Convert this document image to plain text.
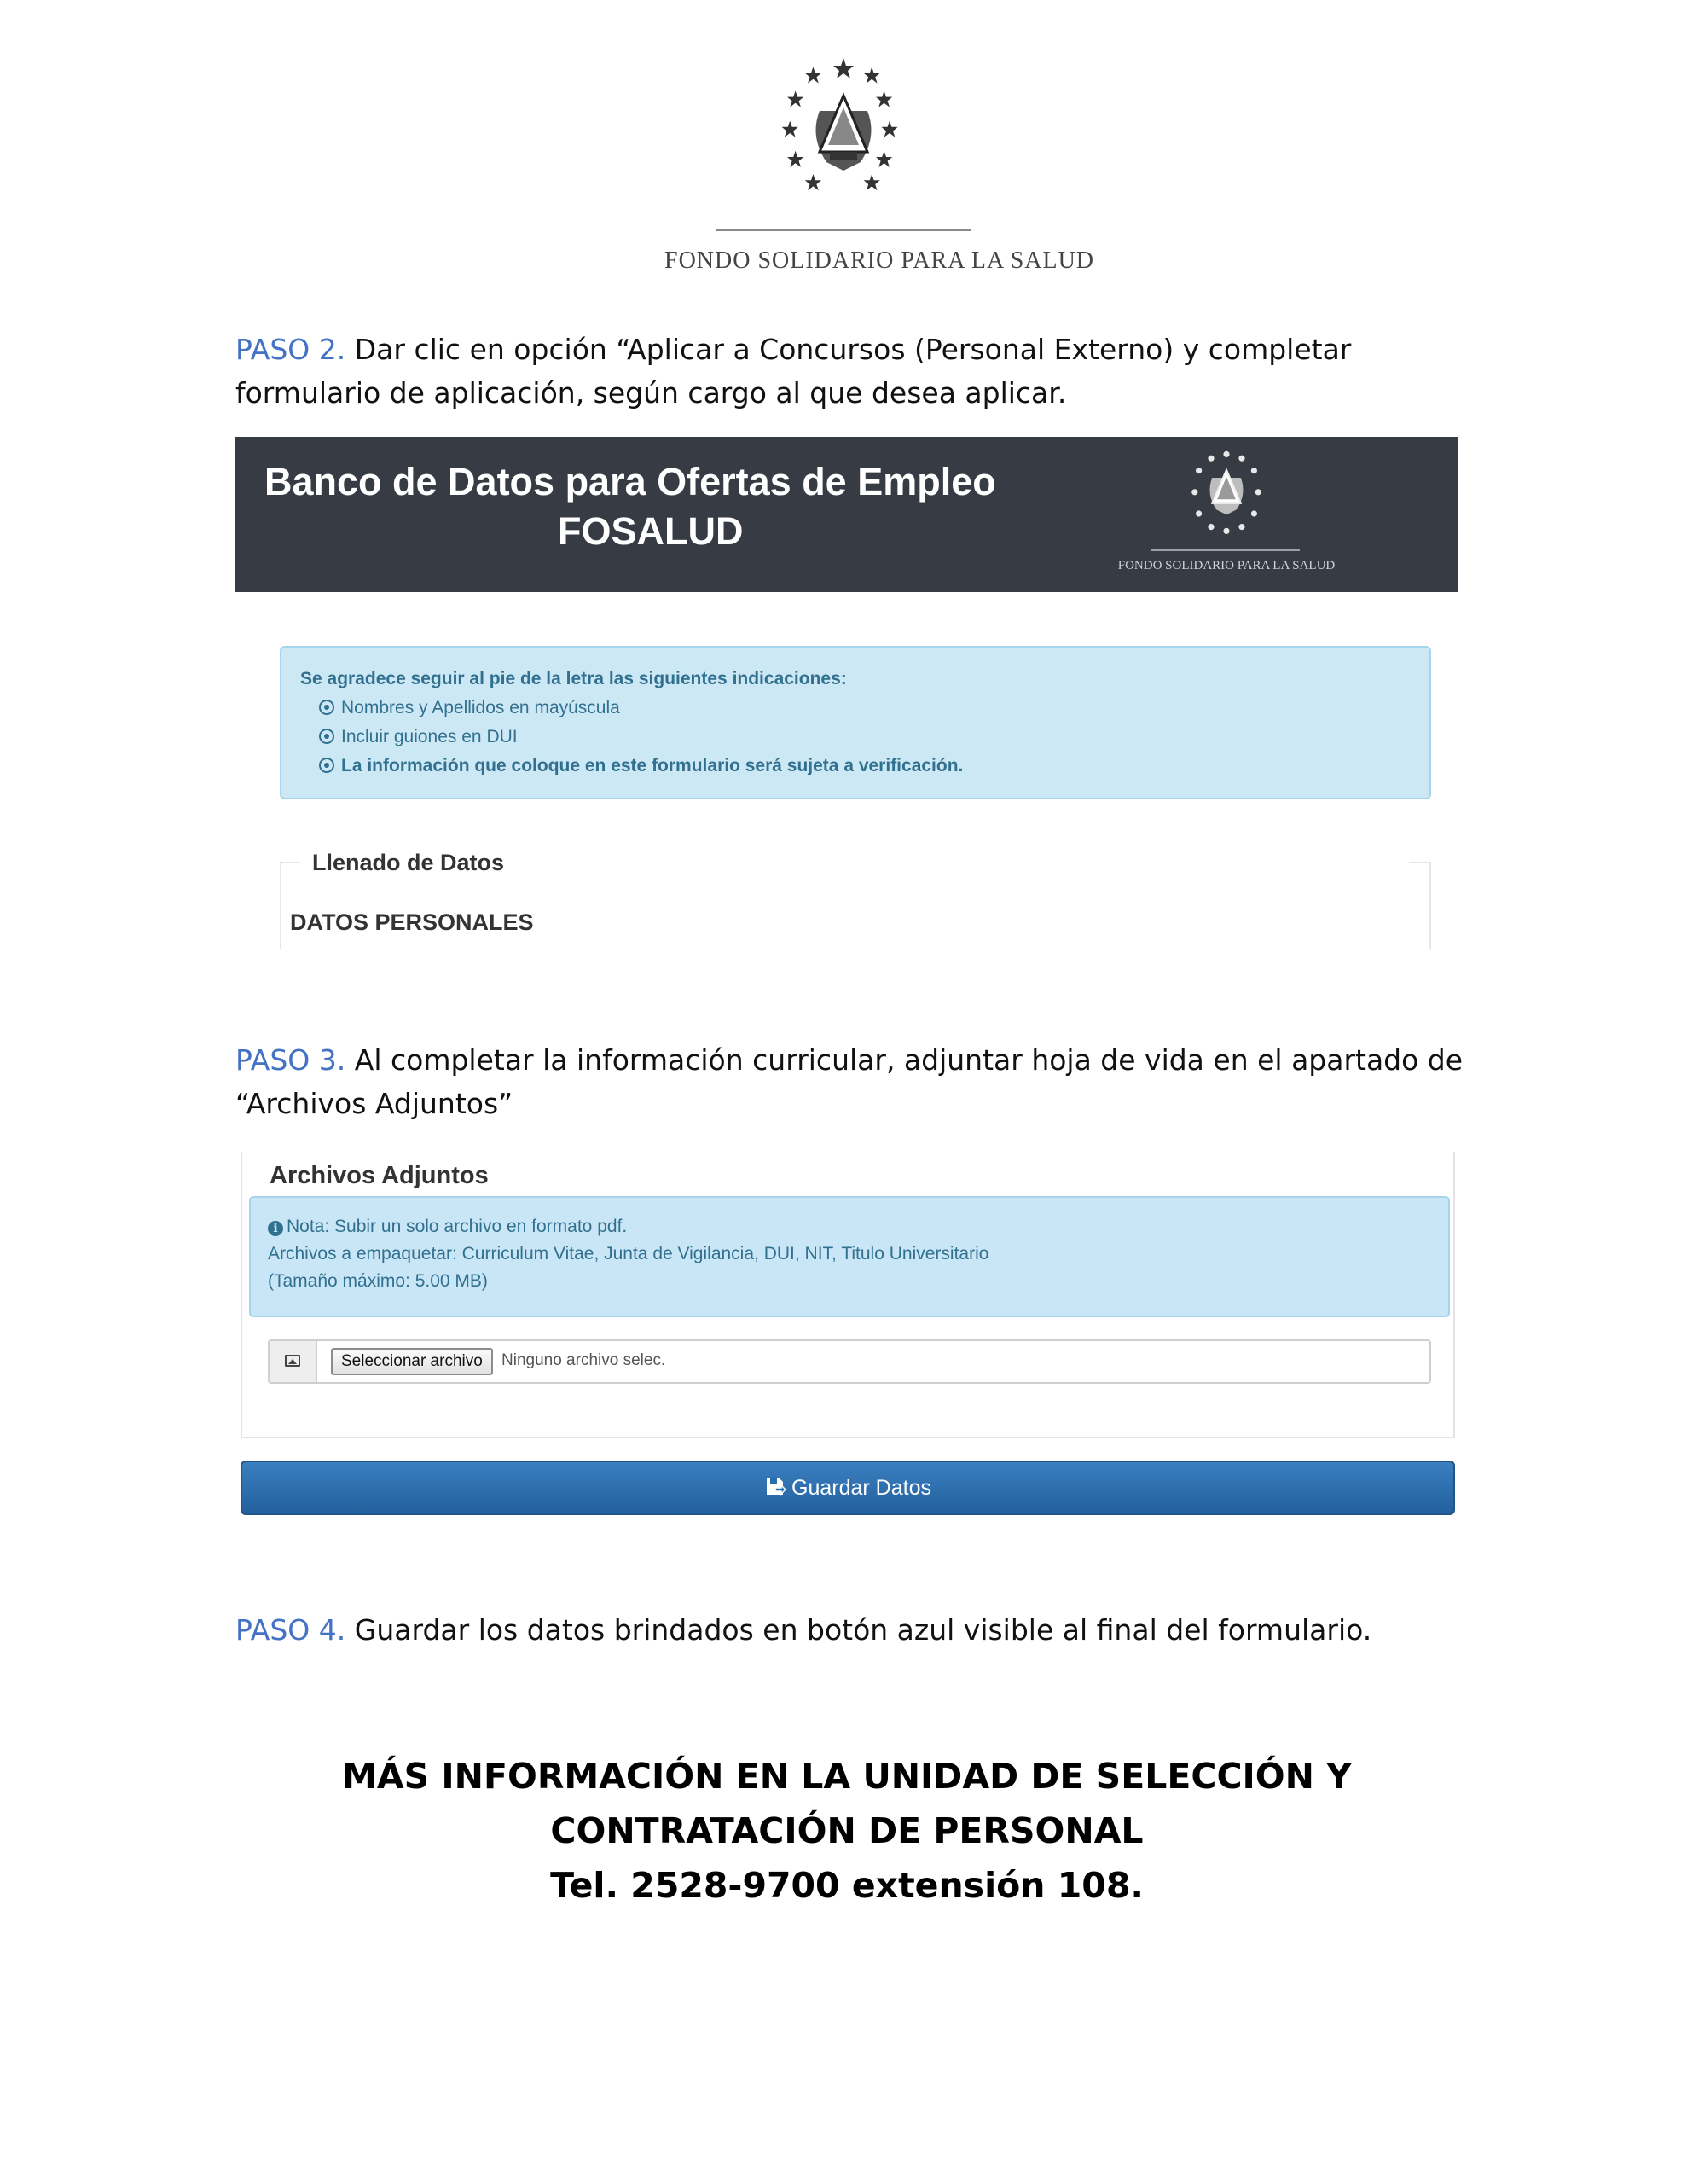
FONDO SOLIDARIO PARA LA SALUD
PASO 2. Dar clic en opción “Aplicar a Concursos (Personal Externo) y completar formulario de aplicación, según cargo al que desea aplicar.
Banco de Datos para Ofertas de Empleo
FOSALUD
FONDO SOLIDARIO PARA LA SALUD
Se agradece seguir al pie de la letra las siguientes indicaciones:
Nombres y Apellidos en mayúscula
Incluir guiones en DUI
La información que coloque en este formulario será sujeta a verificación.
Llenado de Datos
DATOS PERSONALES
PASO 3. Al completar la información curricular, adjuntar hoja de vida en el apartado de “Archivos Adjuntos”
Archivos Adjuntos
i Nota: Subir un solo archivo en formato pdf.
Archivos a empaquetar: Curriculum Vitae, Junta de Vigilancia, DUI, NIT, Titulo Universitario
(Tamaño máximo: 5.00 MB)
Seleccionar archivo	Ninguno archivo selec.
Guardar Datos
PASO 4. Guardar los datos brindados en botón azul visible al final del formulario.
MÁS INFORMACIÓN EN LA UNIDAD DE SELECCIÓN Y
CONTRATACIÓN DE PERSONAL
Tel. 2528-9700 extensión 108.
